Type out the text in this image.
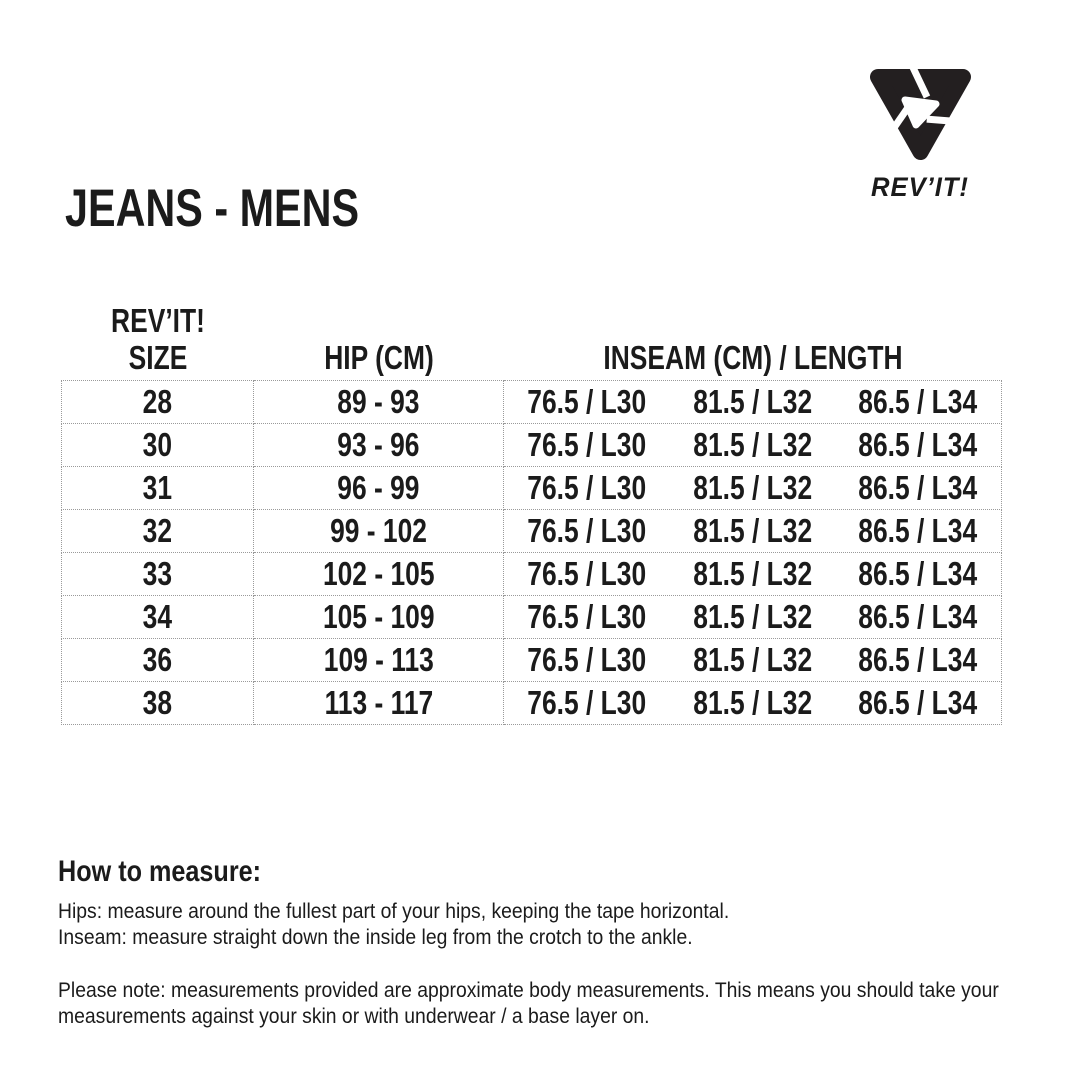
REV’IT!
JEANS - MENS
REV’IT!
SIZE	HIP (CM)	INSEAM (CM) / LENGTH

28	89 - 93	76.5 / L30 81.5 / L32 86.5 / L34
30	93 - 96	76.5 / L30 81.5 / L32 86.5 / L34
31	96 - 99	76.5 / L30 81.5 / L32 86.5 / L34
32	99 - 102	76.5 / L30 81.5 / L32 86.5 / L34
33	102 - 105	76.5 / L30 81.5 / L32 86.5 / L34
34	105 - 109	76.5 / L30 81.5 / L32 86.5 / L34
36	109 - 113	76.5 / L30 81.5 / L32 86.5 / L34
38	113 - 117	76.5 / L30 81.5 / L32 86.5 / L34
How to measure:
Hips: measure around the fullest part of your hips, keeping the tape horizontal.
Inseam: measure straight down the inside leg from the crotch to the ankle.
Please note: measurements provided are approximate body measurements. This means you should take your
measurements against your skin or with underwear / a base layer on.
